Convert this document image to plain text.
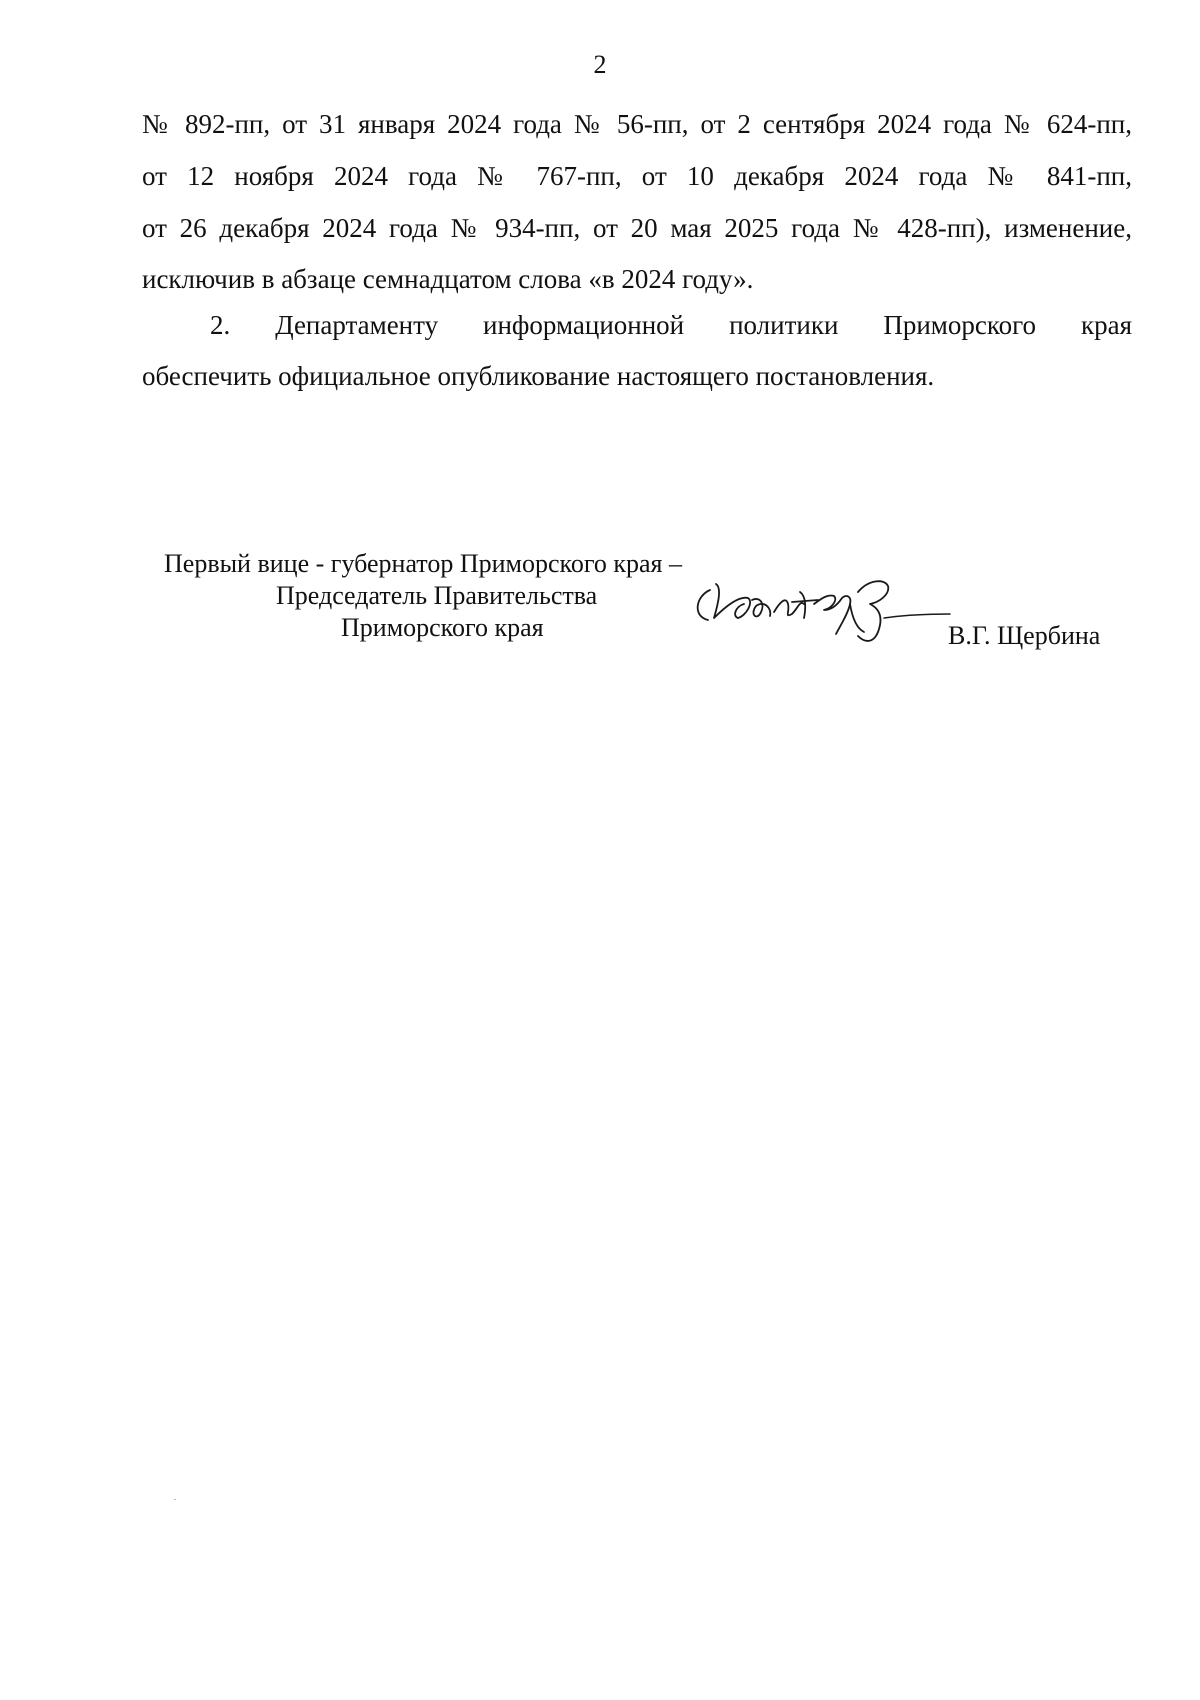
2

№ 892-пп, от 31 января 2024 года № 56-пп, от 2 сентября 2024 года № 624-пп,

от 12 ноября 2024 года № 767-пп, от 10 декабря 2024 года № 841-пп,

от 26 декабря 2024 года № 934-пп, от 20 мая 2025 года № 428-пп), изменение,

исключив в абзаце семнадцатом слова «в 2024 году».

2. Департаменту информационной политики Приморского края

обеспечить официальное опубликование настоящего постановления.

Первый вице - губернатор Приморского края –
Председатель Правительства
Приморского края	В.Г. Щербина
